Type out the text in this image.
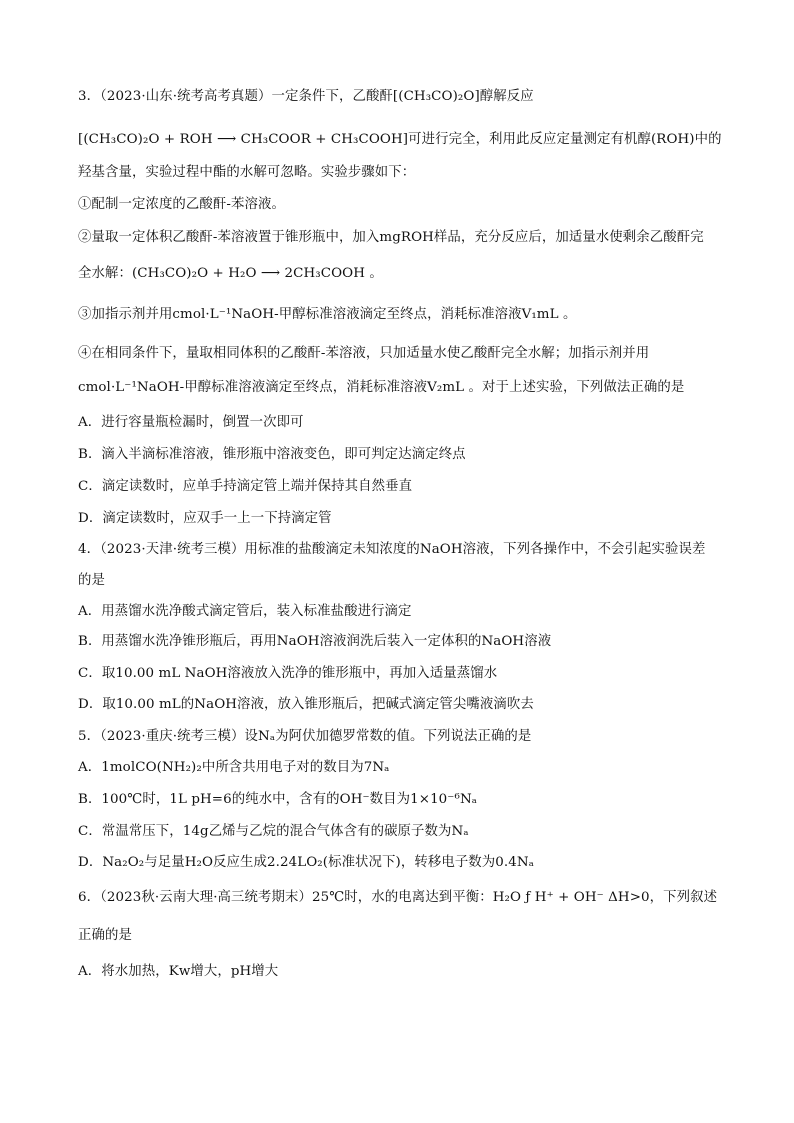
3．（2023·山东·统考高考真题）一定条件下，乙酸酐[(CH₃CO)₂O]醇解反应
[(CH₃CO)₂O + ROH ⟶ CH₃COOR + CH₃COOH]可进行完全，利用此反应定量测定有机醇(ROH)中的
羟基含量，实验过程中酯的水解可忽略。实验步骤如下：
①配制一定浓度的乙酸酐-苯溶液。
②量取一定体积乙酸酐-苯溶液置于锥形瓶中，加入mgROH样品，充分反应后，加适量水使剩余乙酸酐完
全水解：(CH₃CO)₂O + H₂O ⟶ 2CH₃COOH 。
③加指示剂并用cmol·L⁻¹NaOH-甲醇标准溶液滴定至终点，消耗标准溶液V₁mL 。
④在相同条件下，量取相同体积的乙酸酐-苯溶液，只加适量水使乙酸酐完全水解；加指示剂并用
cmol·L⁻¹NaOH-甲醇标准溶液滴定至终点，消耗标准溶液V₂mL 。对于上述实验，下列做法正确的是
A．进行容量瓶检漏时，倒置一次即可
B．滴入半滴标准溶液，锥形瓶中溶液变色，即可判定达滴定终点
C．滴定读数时，应单手持滴定管上端并保持其自然垂直
D．滴定读数时，应双手一上一下持滴定管
4．（2023·天津·统考三模）用标准的盐酸滴定未知浓度的NaOH溶液，下列各操作中，不会引起实验误差
的是
A．用蒸馏水洗净酸式滴定管后，装入标准盐酸进行滴定
B．用蒸馏水洗净锥形瓶后，再用NaOH溶液润洗后装入一定体积的NaOH溶液
C．取10.00 mL NaOH溶液放入洗净的锥形瓶中，再加入适量蒸馏水
D．取10.00 mL的NaOH溶液，放入锥形瓶后，把碱式滴定管尖嘴液滴吹去
5．（2023·重庆·统考三模）设Nₐ为阿伏加德罗常数的值。下列说法正确的是
A．1molCO(NH₂)₂中所含共用电子对的数目为7Nₐ
B．100℃时，1L pH=6的纯水中，含有的OH⁻数目为1×10⁻⁶Nₐ
C．常温常压下，14g乙烯与乙烷的混合气体含有的碳原子数为Nₐ
D．Na₂O₂与足量H₂O反应生成2.24LO₂(标准状况下)，转移电子数为0.4Nₐ
6．（2023秋·云南大理·高三统考期末）25℃时，水的电离达到平衡：H₂O ƒ H⁺ + OH⁻ ΔH>0，下列叙述
正确的是
A．将水加热，Kw增大，pH增大
